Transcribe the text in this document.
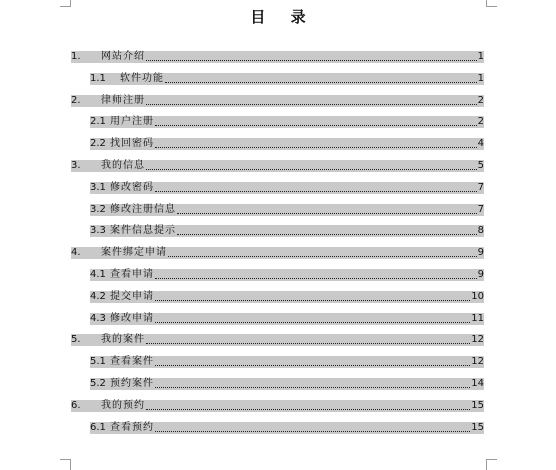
目 录
1.	网站介绍	1
1.1	软件功能	1
2.	律师注册	2
2.1 用户注册	2
2.2 找回密码	4
3.	我的信息	5
3.1 修改密码	7
3.2 修改注册信息	7
3.3 案件信息提示	8
4.	案件绑定申请	9
4.1 查看申请	9
4.2 提交申请	10
4.3 修改申请	11
5.	我的案件	12
5.1 查看案件	12
5.2 预约案件	14
6.	我的预约	15
6.1 查看预约	15
